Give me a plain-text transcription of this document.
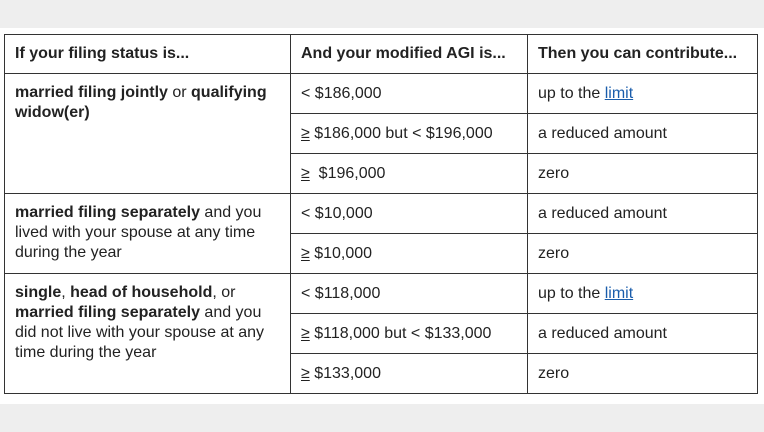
If your filing status is...	And your modified AGI is...	Then you can contribute...
married filing jointly or qualifying widow(er)	< $186,000	up to the limit
	≥ $186,000 but < $196,000	a reduced amount
	≥  $196,000	zero
married filing separately and you lived with your spouse at any time during the year	< $10,000	a reduced amount
	≥ $10,000	zero
single, head of household, or married filing separately and you did not live with your spouse at any time during the year	< $118,000	up to the limit
	≥ $118,000 but < $133,000	a reduced amount
	≥ $133,000	zero
